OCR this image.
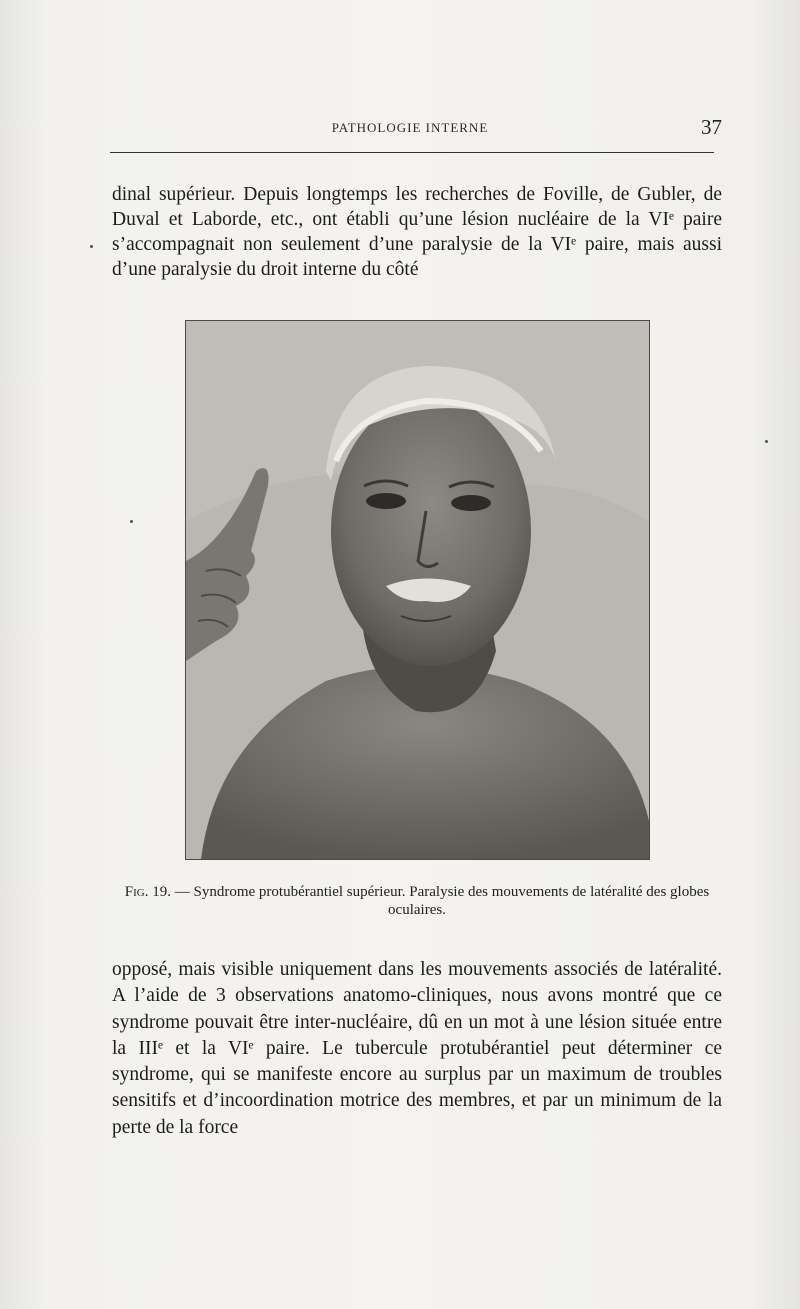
PATHOLOGIE INTERNE	37

dinal supérieur. Depuis longtemps les recherches de Foville, de Gubler, de Duval et Laborde, etc., ont établi qu’une lésion nucléaire de la VIᵉ paire s’accompagnait non seulement d’une paralysie de la VIᵉ paire, mais aussi d’une paralysie du droit interne du côté

Fig. 19. — Syndrome protubérantiel supérieur. Paralysie des mouvements de latéralité des globes oculaires.

opposé, mais visible uniquement dans les mouvements associés de latéralité. A l’aide de 3 observations anatomo-cliniques, nous avons montré que ce syndrome pouvait être inter-nucléaire, dû en un mot à une lésion située entre la IIIᵉ et la VIᵉ paire. Le tubercule protubérantiel peut déterminer ce syndrome, qui se manifeste encore au surplus par un maximum de troubles sensitifs et d’incoordination motrice des membres, et par un minimum de la perte de la force
